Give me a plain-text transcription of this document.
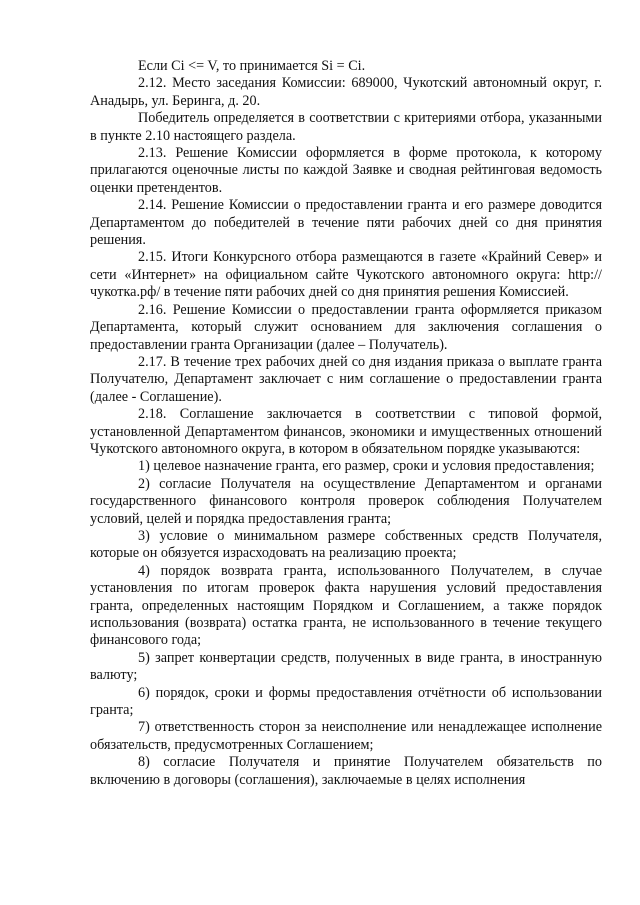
Если Ci <= V, то принимается Si = Ci.

2.12. Место заседания Комиссии: 689000, Чукотский автономный округ, г. Анадырь, ул. Беринга, д. 20.

Победитель определяется в соответствии с критериями отбора, указанными в пункте 2.10 настоящего раздела.

2.13. Решение Комиссии оформляется в форме протокола, к которому прилагаются оценочные листы по каждой Заявке и сводная рейтинговая ведомость оценки претендентов.

2.14. Решение Комиссии о предоставлении гранта и его размере доводится Департаментом до победителей в течение пяти рабочих дней со дня принятия решения.

2.15. Итоги Конкурсного отбора размещаются в газете «Крайний Север» и сети «Интернет» на официальном сайте Чукотского автономного округа: http://чукотка.рф/ в течение пяти рабочих дней со дня принятия решения Комиссией.

2.16. Решение Комиссии о предоставлении гранта оформляется приказом Департамента, который служит основанием для заключения соглашения о предоставлении гранта Организации (далее – Получатель).

2.17. В течение трех рабочих дней со дня издания приказа о выплате гранта Получателю, Департамент заключает с ним соглашение о предоставлении гранта (далее - Соглашение).

2.18. Соглашение заключается в соответствии с типовой формой, установленной Департаментом финансов, экономики и имущественных отношений Чукотского автономного округа, в котором в обязательном порядке указываются:

1) целевое назначение гранта, его размер, сроки и условия предоставления;

2) согласие Получателя на осуществление Департаментом и органами государственного финансового контроля проверок соблюдения Получателем условий, целей и порядка предоставления гранта;

3) условие о минимальном размере собственных средств Получателя, которые он обязуется израсходовать на реализацию проекта;

4) порядок возврата гранта, использованного Получателем, в случае установления по итогам проверок факта нарушения условий предоставления гранта, определенных настоящим Порядком и Соглашением, а также порядок использования (возврата) остатка гранта, не использованного в течение текущего финансового года;

5) запрет конвертации средств, полученных в виде гранта, в иностранную валюту;

6) порядок, сроки и формы предоставления отчётности об использовании гранта;

7) ответственность сторон за неисполнение или ненадлежащее исполнение обязательств, предусмотренных Соглашением;

8) согласие Получателя и принятие Получателем обязательств по включению в договоры (соглашения), заключаемые в целях исполнения
